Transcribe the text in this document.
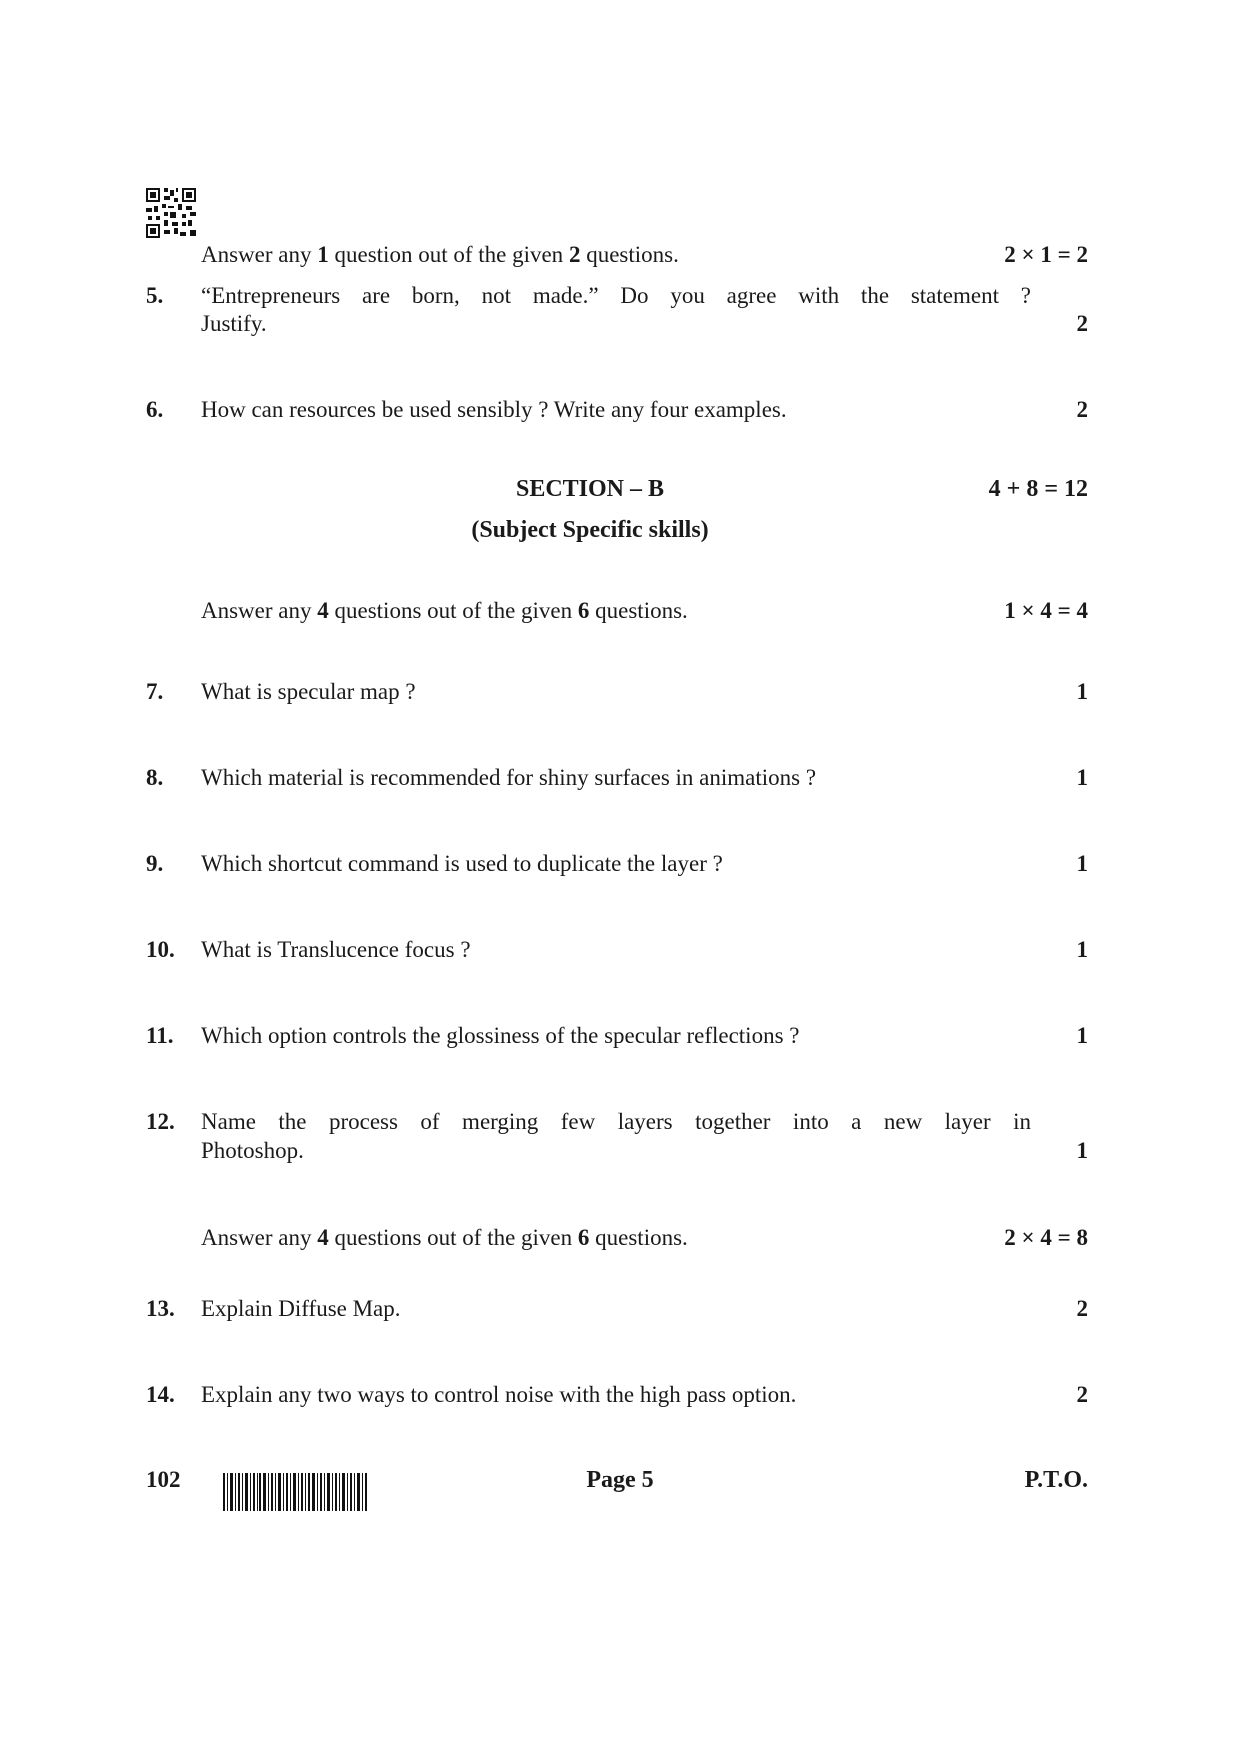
Answer any 1 question out of the given 2 questions.	2 × 1 = 2
5. “Entrepreneurs are born, not made.” Do you agree with the statement ?
Justify.	2
6. How can resources be used sensibly ? Write any four examples.	2
SECTION – B	4 + 8 = 12
(Subject Specific skills)
Answer any 4 questions out of the given 6 questions.	1 × 4 = 4
7. What is specular map ?	1
8. Which material is recommended for shiny surfaces in animations ?	1
9. Which shortcut command is used to duplicate the layer ?	1
10. What is Translucence focus ?	1
11. Which option controls the glossiness of the specular reflections ?	1
12. Name the process of merging few layers together into a new layer in
Photoshop.	1
Answer any 4 questions out of the given 6 questions.	2 × 4 = 8
13. Explain Diffuse Map.	2
14. Explain any two ways to control noise with the high pass option.	2
102	Page 5	P.T.O.
